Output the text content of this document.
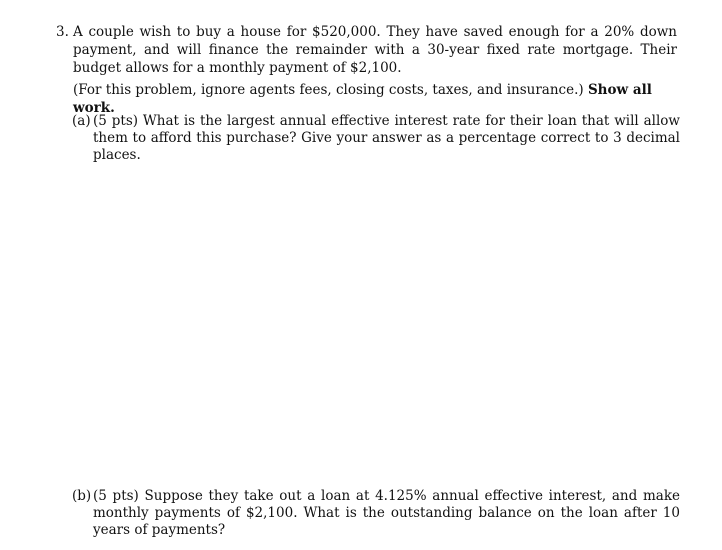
3. A couple wish to buy a house for $520,000. They have saved enough for a 20% down payment, and will finance the remainder with a 30-year fixed rate mortgage. Their budget allows for a monthly payment of $2,100.
(For this problem, ignore agents fees, closing costs, taxes, and insurance.) Show all work.
(a) (5 pts) What is the largest annual effective interest rate for their loan that will allow them to afford this purchase? Give your answer as a percentage correct to 3 decimal places.
(b) (5 pts) Suppose they take out a loan at 4.125% annual effective interest, and make monthly payments of $2,100. What is the outstanding balance on the loan after 10 years of payments?
